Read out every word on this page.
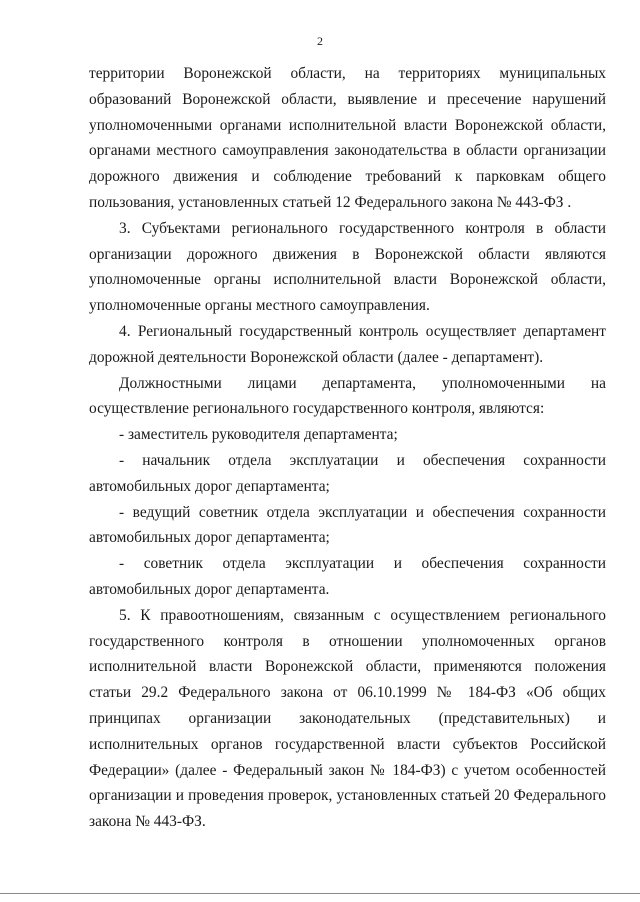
2

территории Воронежской области, на территориях муниципальных образований Воронежской области, выявление и пресечение нарушений уполномоченными органами исполнительной власти Воронежской области, органами местного самоуправления законодательства в области организации дорожного движения и соблюдение требований к парковкам общего пользования, установленных статьей 12 Федерального закона № 443-ФЗ .

3. Субъектами регионального государственного контроля в области организации дорожного движения в Воронежской области являются уполномоченные органы исполнительной власти Воронежской области, уполномоченные органы местного самоуправления.

4. Региональный государственный контроль осуществляет департамент дорожной деятельности Воронежской области (далее - департамент).

Должностными лицами департамента, уполномоченными на осуществление регионального государственного контроля, являются:

- заместитель руководителя департамента;

- начальник отдела эксплуатации и обеспечения сохранности автомобильных дорог департамента;

- ведущий советник отдела эксплуатации и обеспечения сохранности автомобильных дорог департамента;

- советник отдела эксплуатации и обеспечения сохранности автомобильных дорог департамента.

5. К правоотношениям, связанным с осуществлением регионального государственного контроля в отношении уполномоченных органов исполнительной власти Воронежской области, применяются положения статьи 29.2 Федерального закона от 06.10.1999 № 184-ФЗ «Об общих принципах организации законодательных (представительных) и исполнительных органов государственной власти субъектов Российской Федерации» (далее - Федеральный закон № 184-ФЗ) с учетом особенностей организации и проведения проверок, установленных статьей 20 Федерального закона № 443-ФЗ.
